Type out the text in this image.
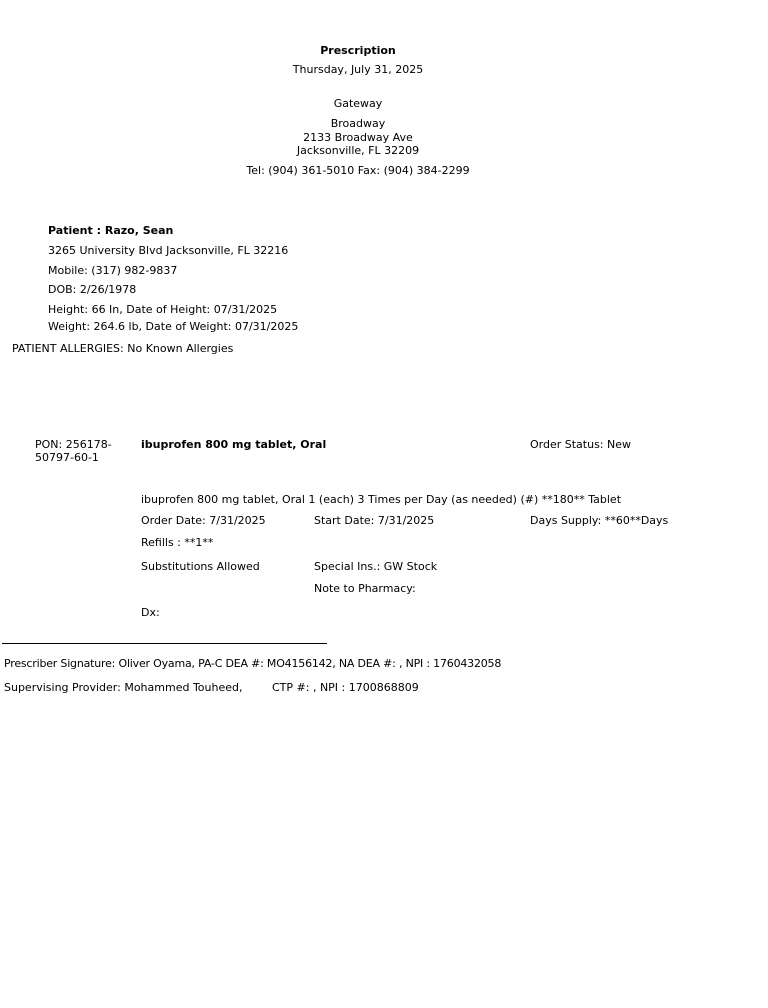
Prescription
Thursday, July 31, 2025
Gateway
Broadway
2133 Broadway Ave
Jacksonville, FL 32209
Tel: (904) 361-5010 Fax: (904) 384-2299
Patient : Razo, Sean
3265 University Blvd Jacksonville, FL 32216
Mobile: (317) 982-9837
DOB: 2/26/1978
Height: 66 In, Date of Height: 07/31/2025
Weight: 264.6 lb, Date of Weight: 07/31/2025
PATIENT ALLERGIES: No Known Allergies
PON: 256178-50797-60-1
ibuprofen 800 mg tablet, Oral	Order Status: New
ibuprofen 800 mg tablet, Oral 1 (each) 3 Times per Day (as needed) (#) **180** Tablet
Order Date: 7/31/2025	Start Date: 7/31/2025	Days Supply: **60**Days
Refills : **1**
Substitutions Allowed	Special Ins.: GW Stock
Note to Pharmacy:
Dx:
Prescriber Signature: Oliver Oyama, PA-C DEA #: MO4156142, NA DEA #: , NPI : 1760432058
Supervising Provider: Mohammed Touheed,	CTP #: , NPI : 1700868809
